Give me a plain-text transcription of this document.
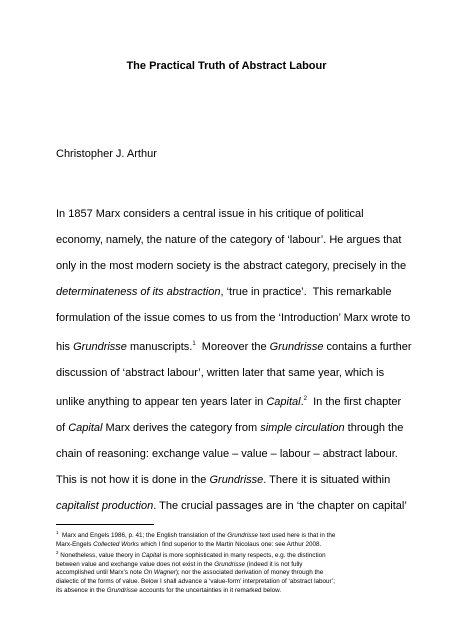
The Practical Truth of Abstract Labour
Christopher J. Arthur
In 1857 Marx considers a central issue in his critique of political
economy, namely, the nature of the category of ‘labour’. He argues that
only in the most modern society is the abstract category, precisely in the
determinateness of its abstraction, ‘true in practice’.  This remarkable
formulation of the issue comes to us from the ‘Introduction’ Marx wrote to
his Grundrisse manuscripts.$^1$  Moreover the Grundrisse contains a further
discussion of ‘abstract labour’, written later that same year, which is
unlike anything to appear ten years later in Capital.$^2$  In the first chapter
of Capital Marx derives the category from simple circulation through the
chain of reasoning: exchange value – value – labour – abstract labour.
This is not how it is done in the Grundrisse. There it is situated within
capitalist production. The crucial passages are in ‘the chapter on capital’
$^1$  Marx and Engels 1986, p. 41; the English translation of the Grundrisse text used here is that in the
Marx-Engels Collected Works which I find superior to the Martin Nicolaus one: see Arthur 2008.
$^2$ Nonetheless, value theory in Capital is more sophisticated in many respects, e.g. the distinction
between value and exchange value does not exist in the Grundrisse (indeed it is not fully
accomplished until Marx’s note On Wagner); nor the associated derivation of money through the
dialectic of the forms of value. Below I shall advance a ‘value-form’ interpretation of ‘abstract labour’;
its absence in the Grundrisse accounts for the uncertainties in it remarked below.
